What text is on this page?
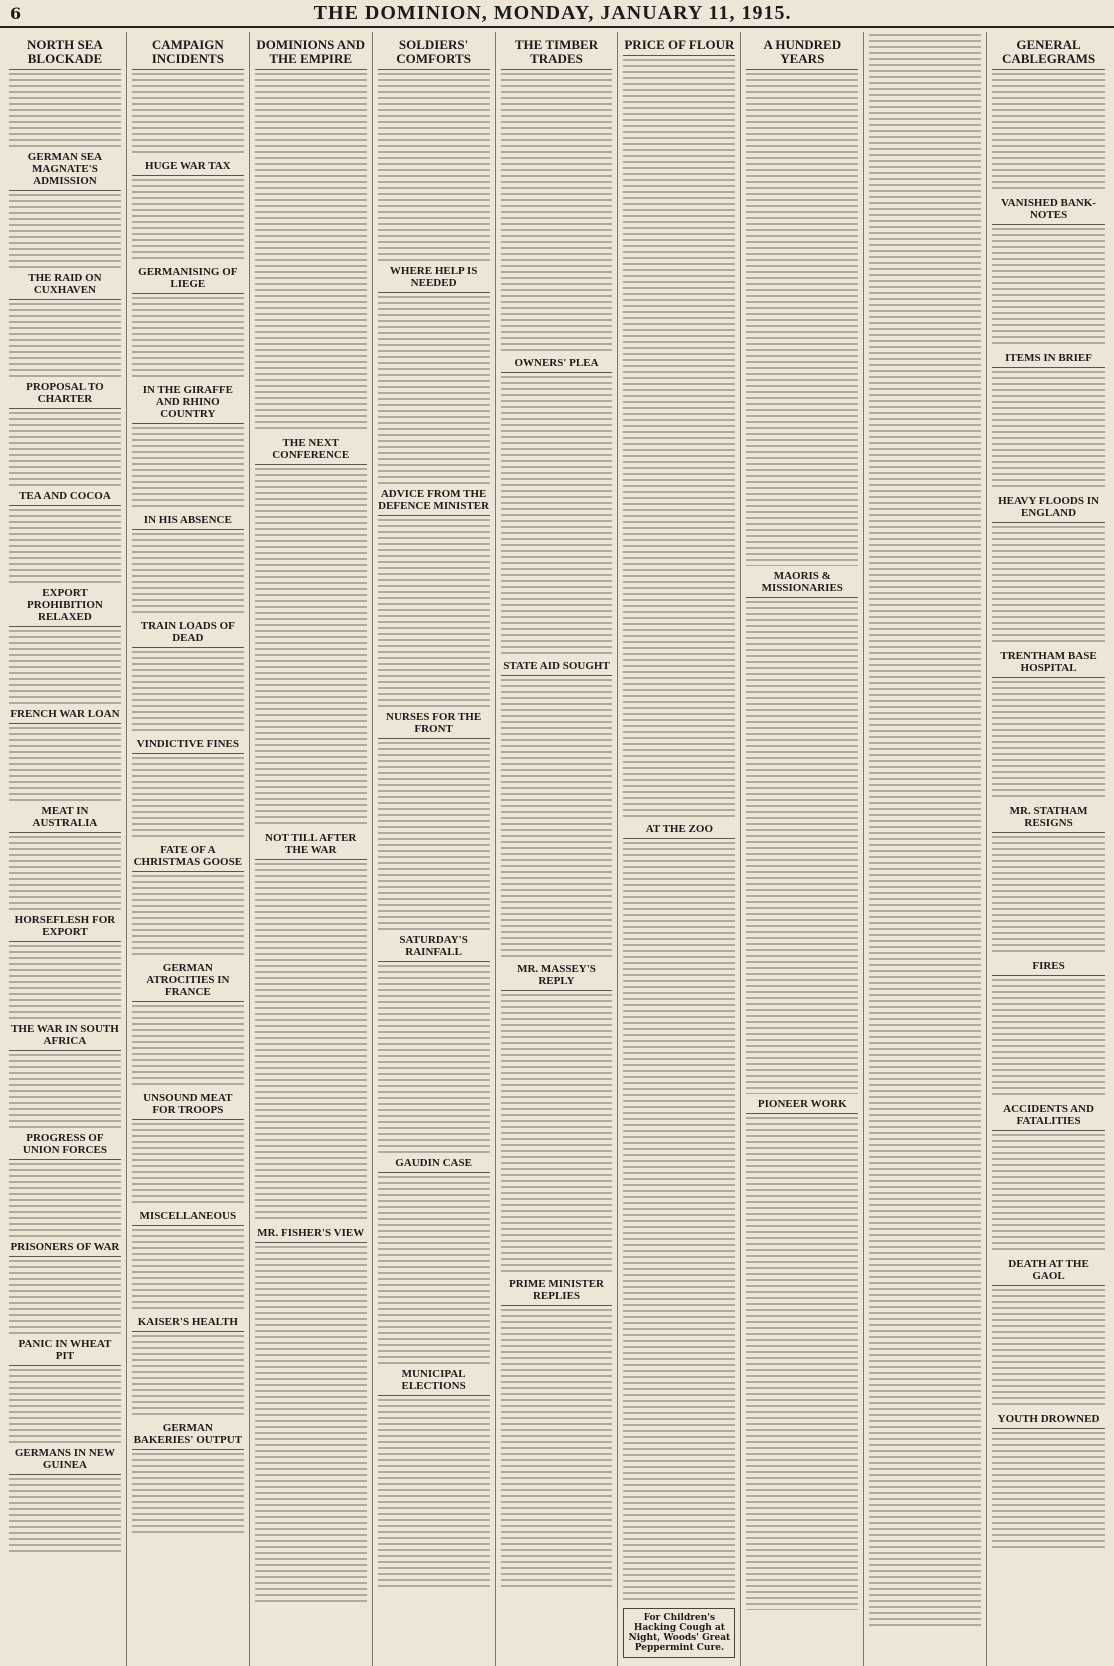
6	THE DOMINION, MONDAY, JANUARY 11, 1915.
NORTH SEA BLOCKADE
GERMAN SEA MAGNATE'S ADMISSION
THE RAID ON CUXHAVEN
PROPOSAL TO CHARTER
TEA AND COCOA
EXPORT PROHIBITION RELAXED
FRENCH WAR LOAN
MEAT IN AUSTRALIA
HORSEFLESH FOR EXPORT
THE WAR IN SOUTH AFRICA
PROGRESS OF UNION FORCES
PRISONERS OF WAR
PANIC IN WHEAT PIT
GERMANS IN NEW GUINEA
CAMPAIGN INCIDENTS
HUGE WAR TAX
GERMANISING OF LIEGE
IN THE GIRAFFE AND RHINO COUNTRY
IN HIS ABSENCE
TRAIN LOADS OF DEAD
VINDICTIVE FINES
FATE OF A CHRISTMAS GOOSE
GERMAN ATROCITIES IN FRANCE
UNSOUND MEAT FOR TROOPS
MISCELLANEOUS
KAISER'S HEALTH
GERMAN BAKERIES' OUTPUT
DOMINIONS AND THE EMPIRE
THE NEXT CONFERENCE
NOT TILL AFTER THE WAR
MR. FISHER'S VIEW
SOLDIERS' COMFORTS
WHERE HELP IS NEEDED
ADVICE FROM THE DEFENCE MINISTER
NURSES FOR THE FRONT
SATURDAY'S RAINFALL
GAUDIN CASE
MUNICIPAL ELECTIONS
THE TIMBER TRADES
OWNERS' PLEA
STATE AID SOUGHT
MR. MASSEY'S REPLY
PRIME MINISTER REPLIES
PRICE OF FLOUR
AT THE ZOO
For Children's Hacking Cough at Night, Woods' Great Peppermint Cure.
A HUNDRED YEARS
MAORIS & MISSIONARIES
PIONEER WORK
GENERAL CABLEGRAMS
VANISHED BANK-NOTES
ITEMS IN BRIEF
HEAVY FLOODS IN ENGLAND
TRENTHAM BASE HOSPITAL
MR. STATHAM RESIGNS
FIRES
ACCIDENTS AND FATALITIES
DEATH AT THE GAOL
YOUTH DROWNED
